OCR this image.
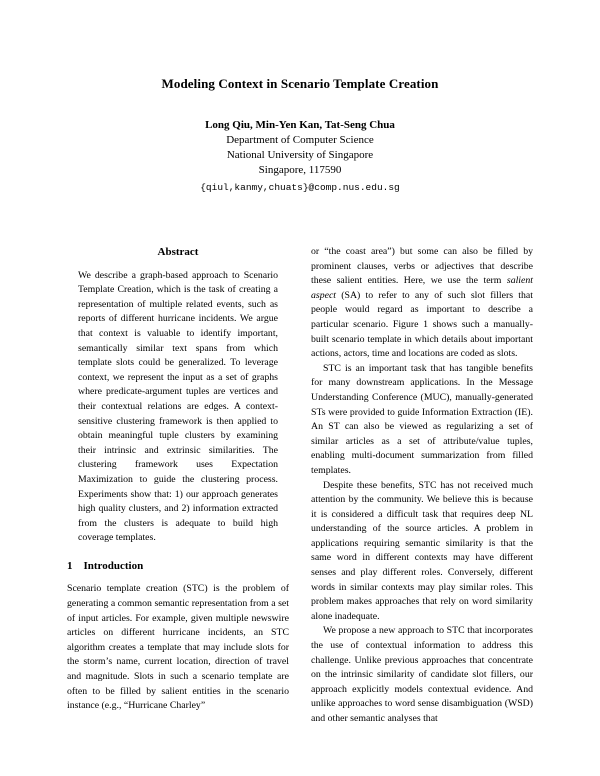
Modeling Context in Scenario Template Creation
Long Qiu, Min-Yen Kan, Tat-Seng Chua
Department of Computer Science
National University of Singapore
Singapore, 117590
{qiul,kanmy,chuats}@comp.nus.edu.sg
Abstract

We describe a graph-based approach to Scenario Template Creation, which is the task of creating a representation of multiple related events, such as reports of different hurricane incidents. We argue that context is valuable to identify important, semantically similar text spans from which template slots could be generalized. To leverage context, we represent the input as a set of graphs where predicate-argument tuples are vertices and their contextual relations are edges. A context-sensitive clustering framework is then applied to obtain meaningful tuple clusters by examining their intrinsic and extrinsic similarities. The clustering framework uses Expectation Maximization to guide the clustering process. Experiments show that: 1) our approach generates high quality clusters, and 2) information extracted from the clusters is adequate to build high coverage templates.

1 Introduction

Scenario template creation (STC) is the problem of generating a common semantic representation from a set of input articles. For example, given multiple newswire articles on different hurricane incidents, an STC algorithm creates a template that may include slots for the storm’s name, current location, direction of travel and magnitude. Slots in such a scenario template are often to be filled by salient entities in the scenario instance (e.g., “Hurricane Charley”

or “the coast area”) but some can also be filled by prominent clauses, verbs or adjectives that describe these salient entities. Here, we use the term salient aspect (SA) to refer to any of such slot fillers that people would regard as important to describe a particular scenario. Figure 1 shows such a manually-built scenario template in which details about important actions, actors, time and locations are coded as slots.

STC is an important task that has tangible benefits for many downstream applications. In the Message Understanding Conference (MUC), manually-generated STs were provided to guide Information Extraction (IE). An ST can also be viewed as regularizing a set of similar articles as a set of attribute/value tuples, enabling multi-document summarization from filled templates.

Despite these benefits, STC has not received much attention by the community. We believe this is because it is considered a difficult task that requires deep NL understanding of the source articles. A problem in applications requiring semantic similarity is that the same word in different contexts may have different senses and play different roles. Conversely, different words in similar contexts may play similar roles. This problem makes approaches that rely on word similarity alone inadequate.

We propose a new approach to STC that incorporates the use of contextual information to address this challenge. Unlike previous approaches that concentrate on the intrinsic similarity of candidate slot fillers, our approach explicitly models contextual evidence. And unlike approaches to word sense disambiguation (WSD) and other semantic analyses that
